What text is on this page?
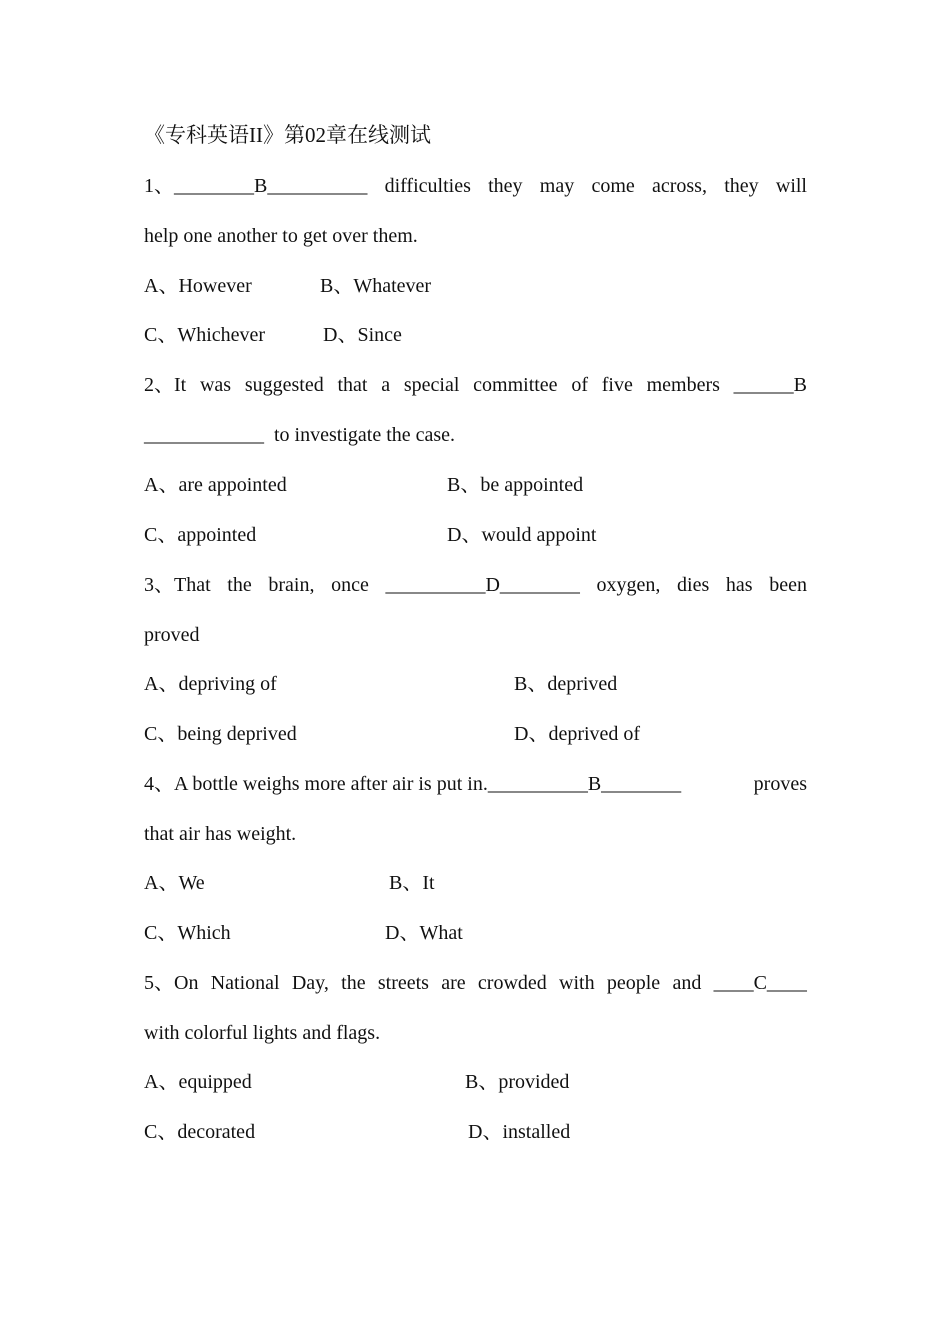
《专科英语II》第02章在线测试
1、________B__________ difficulties they may come across, they will
help one another to get over them.
A、However	B、Whatever
C、Whichever	D、Since
2、It was suggested that a special committee of five members ______B
____________  to investigate the case.
A、are appointed	B、be appointed
C、appointed	D、would appoint
3、That the brain, once __________D________ oxygen, dies has been
proved
A、depriving of	B、deprived
C、being deprived	D、deprived of
4、A bottle weighs more after air is put in.__________B________	proves
that air has weight.
A、We	B、It
C、Which	D、What
5、On National Day, the streets are crowded with people and ____C____
with colorful lights and flags.
A、equipped	B、provided
C、decorated	D、installed
